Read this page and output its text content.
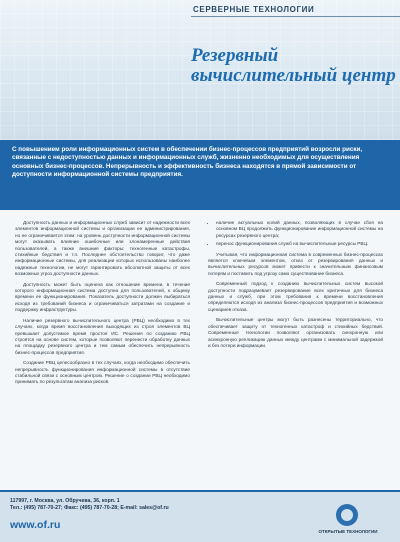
СЕРВЕРНЫЕ ТЕХНОЛОГИИ
Резервный
вычислительный центр
С повышением роли информационных систем в обеспечении бизнес-процессов предприятий возросли риски, связанные с недоступностью данных и информационных служб, жизненно необходимых для осуществления основных бизнес-процессов. Непрерывность и эффективность бизнеса находятся в прямой зависимости от доступности информационной системы предприятия.

Доступность данных и информационных служб зависит от надежности всех элементов информационной системы и организации ее администрирования, но не ограничивается этим: на уровень доступности информационной системы могут оказывать влияние ошибочные или злонамеренные действия пользователей, а также внешние факторы: техногенные катастрофы, стихийные бедствия и т.п. Последнее обстоятельство говорит, что даже информационные системы, для реализации которых использованы наиболее надежные технологии, не могут гарантировать абсолютной защиты от всех возможных угроз доступности данных.

Доступность может быть оценена как отношение времени, в течение которого информационная система доступна для пользователей, к общему времени ее функционирования. Показатель доступности должен выбираться исходя из требований бизнеса и ограничиваться затратами на создание и поддержку инфраструктуры.

Наличие резервного вычислительного центра (РВЦ) необходимо в тех случаях, когда время восстановления выходящих из строя элементов ВЦ превышает допустимое время простоя ИС. Решения по созданию РВЦ строятся на основе систем, которые позволяют перенести обработку данных на площадку резервного центра и тем самым обеспечить непрерывность бизнес-процессов предприятия.

Создание РВЦ целесообразно в тех случаях, когда необходимо обеспечить непрерывность функционирования информационной системы в отсутствие стабильной связи с основным центром. Решение о создании РВЦ необходимо принимать по результатам анализа рисков.

• наличие актуальных копий данных, позволяющих в случае сбоя на основном ВЦ продолжить функционирование информационной системы на ресурсах резервного центра;
• перенос функционирования служб на вычислительные ресурсы РВЦ.

Учитывая, что информационная система в современных бизнес-процессах является ключевым элементом, отказ от резервирования данных и вычислительных ресурсов может привести к значительным финансовым потерям и поставить под угрозу само существование бизнеса.

Современный подход к созданию вычислительных систем высокой доступности подразумевает резервирование всех критичных для бизнеса данных и служб, при этом требования к времени восстановления определяются исходя из анализа бизнес-процессов предприятия и возможных сценариев отказа.

Вычислительные центры могут быть разнесены территориально, что обеспечивает защиту от техногенных катастроф и стихийных бедствий. Современные технологии позволяют организовать синхронную или асинхронную репликацию данных между центрами с минимальной задержкой и без потери информации.

117997, г. Москва, ул. Обручева, 36, корп. 1
Тел.: (495) 787-70-27; Факс: (495) 787-70-28; E-mail: sales@of.ru
www.of.ru
ОТКРЫТЫЕ ТЕХНОЛОГИИ
